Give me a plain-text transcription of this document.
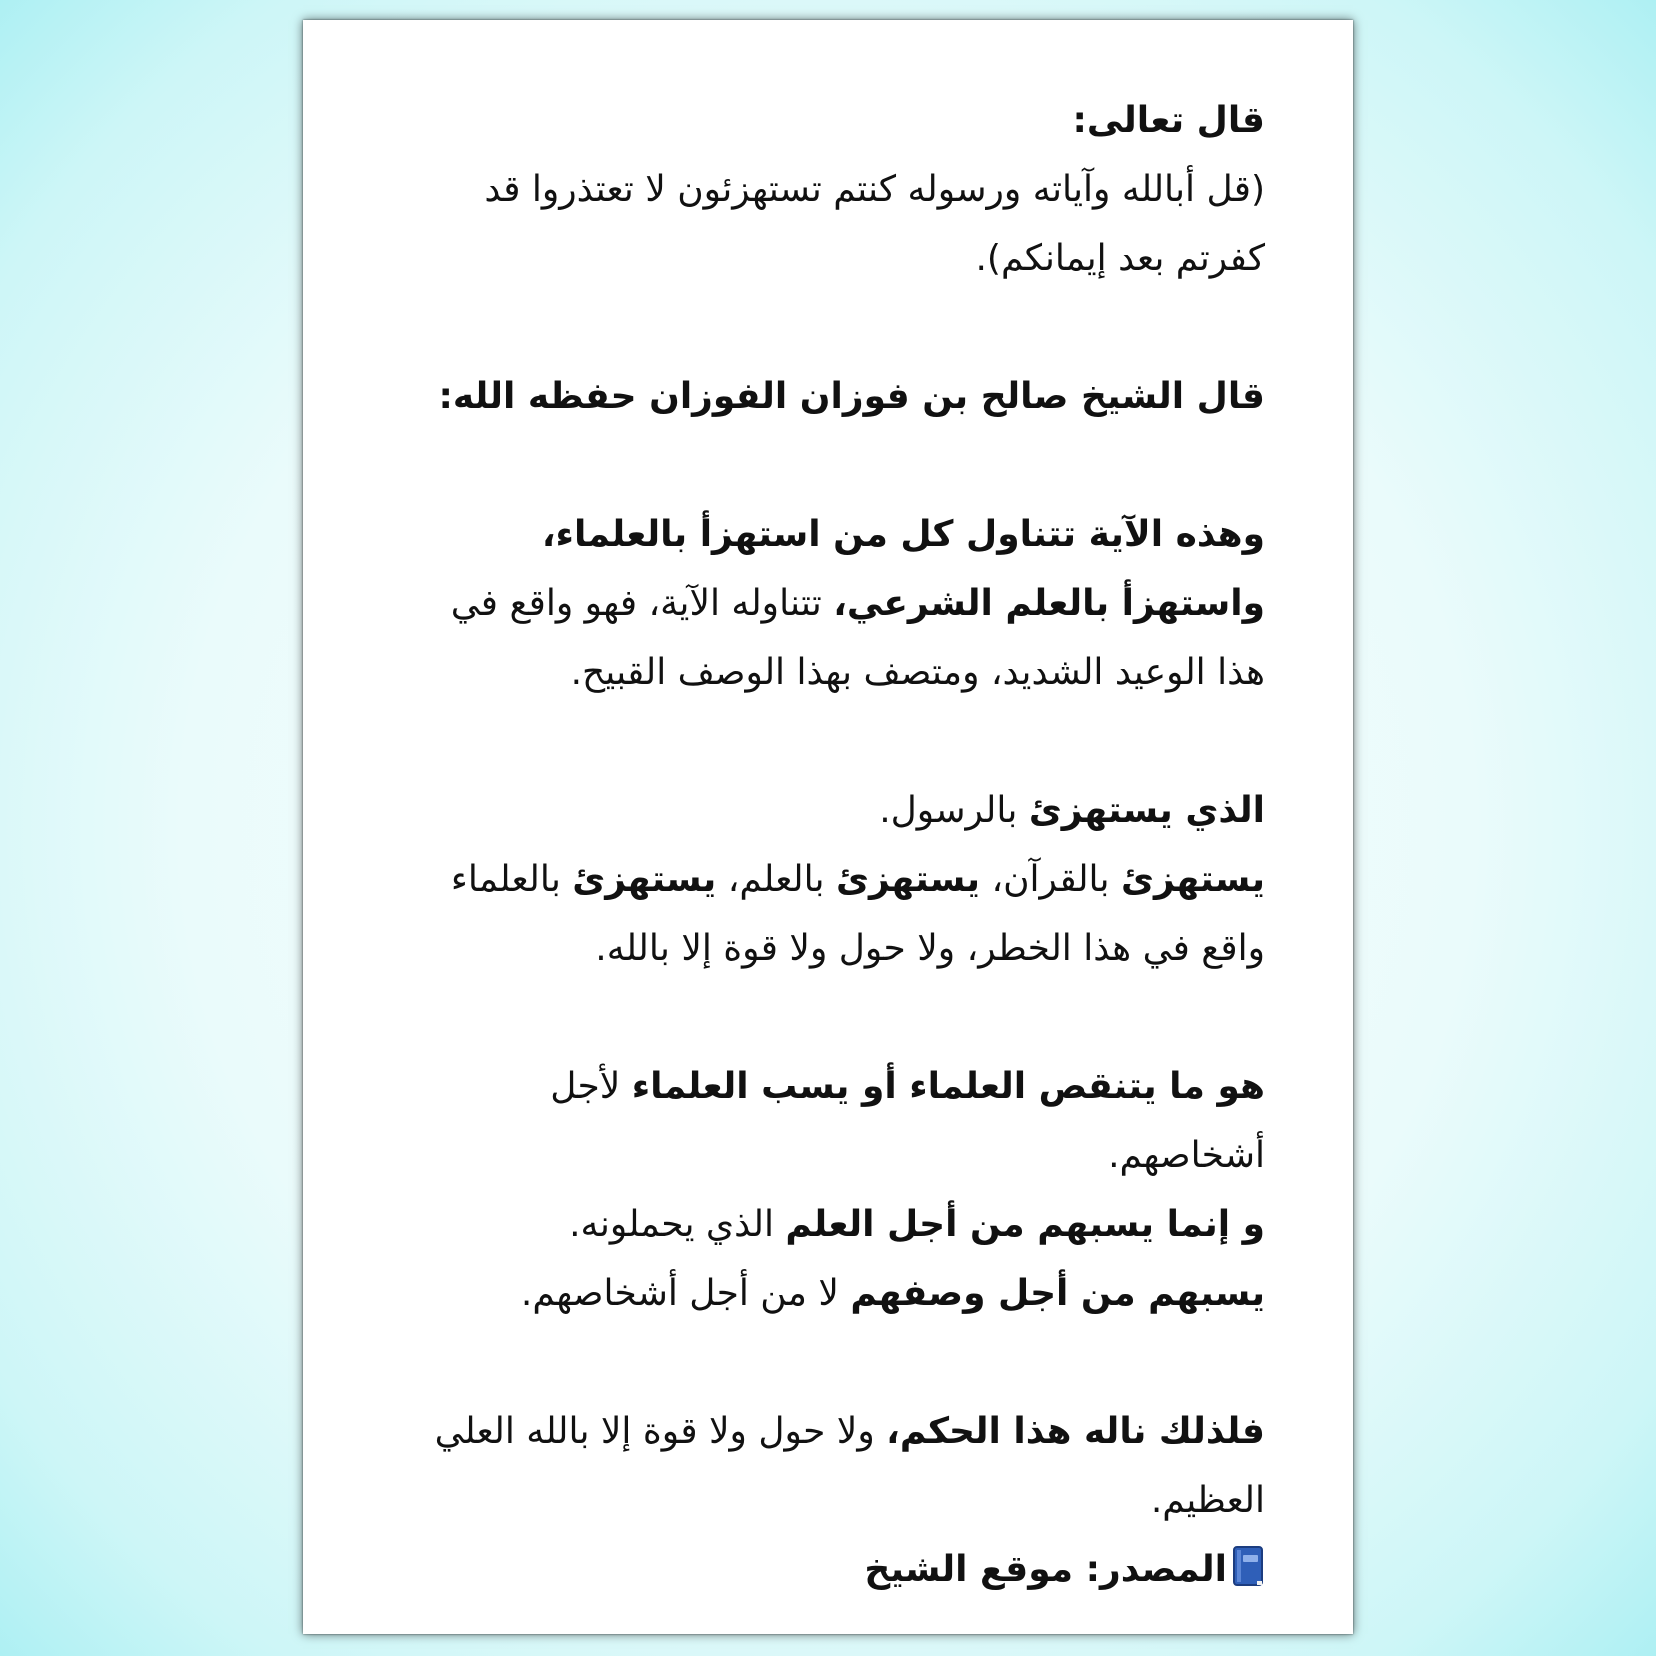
قال تعالى:
(قل أبالله وآياته ورسوله كنتم تستهزئون لا تعتذروا قد كفرتم بعد إيمانكم).
قال الشيخ صالح بن فوزان الفوزان حفظه الله:
وهذه الآية تتناول كل من استهزأ بالعلماء،
واستهزأ بالعلم الشرعي، تتناوله الآية، فهو واقع في هذا الوعيد الشديد، ومتصف بهذا الوصف القبيح.
الذي يستهزئ بالرسول.
يستهزئ بالقرآن، يستهزئ بالعلم، يستهزئ بالعلماء واقع في هذا الخطر، ولا حول ولا قوة إلا بالله.
هو ما يتنقص العلماء أو يسب العلماء لأجل أشخاصهم.
و إنما يسبهم من أجل العلم الذي يحملونه.
يسبهم من أجل وصفهم لا من أجل أشخاصهم.
فلذلك ناله هذا الحكم، ولا حول ولا قوة إلا بالله العلي العظيم.
المصدر: موقع الشيخ
